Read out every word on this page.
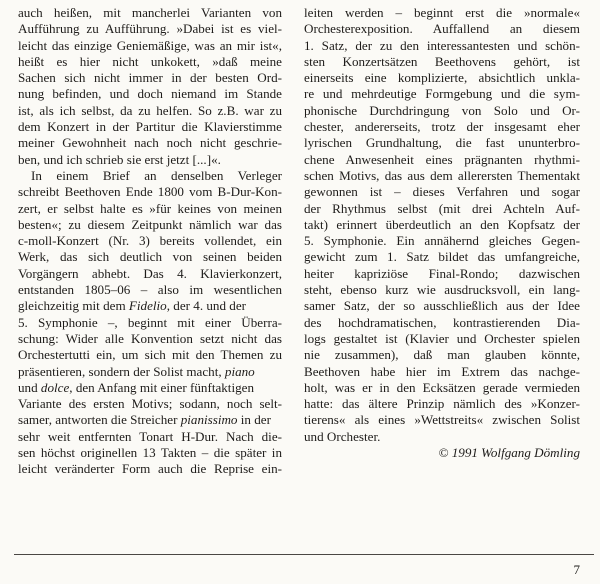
auch heißen, mit mancherlei Varianten von
Aufführung zu Aufführung. »Dabei ist es viel-
leicht das einzige Geniemäßige, was an mir ist«,
heißt es hier nicht unkokett, »daß meine
Sachen sich nicht immer in der besten Ord-
nung befinden, und doch niemand im Stande
ist, als ich selbst, da zu helfen. So z.B. war zu
dem Konzert in der Partitur die Klavierstimme
meiner Gewohnheit nach noch nicht geschrie-
ben, und ich schrieb sie erst jetzt [...]«.
In einem Brief an denselben Verleger
schreibt Beethoven Ende 1800 vom B-Dur-Kon-
zert, er selbst halte es »für keines von meinen
besten«; zu diesem Zeitpunkt nämlich war das
c-moll-Konzert (Nr. 3) bereits vollendet, ein
Werk, das sich deutlich von seinen beiden
Vorgängern abhebt. Das 4. Klavierkonzert,
entstanden 1805–06 – also im wesentlichen
gleichzeitig mit dem Fidelio, der 4. und der
5. Symphonie –, beginnt mit einer Überra-
schung: Wider alle Konvention setzt nicht das
Orchestertutti ein, um sich mit den Themen zu
präsentieren, sondern der Solist macht, piano
und dolce, den Anfang mit einer fünftaktigen
Variante des ersten Motivs; sodann, noch selt-
samer, antworten die Streicher pianissimo in der
sehr weit entfernten Tonart H-Dur. Nach die-
sen höchst originellen 13 Takten – die später in
leicht veränderter Form auch die Reprise ein-
leiten werden – beginnt erst die »normale«
Orchesterexposition. Auffallend an diesem
1. Satz, der zu den interessantesten und schön-
sten Konzertsätzen Beethovens gehört, ist
einerseits eine komplizierte, absichtlich unkla-
re und mehrdeutige Formgebung und die sym-
phonische Durchdringung von Solo und Or-
chester, andererseits, trotz der insgesamt eher
lyrischen Grundhaltung, die fast ununterbro-
chene Anwesenheit eines prägnanten rhythmi-
schen Motivs, das aus dem allerersten Thementakt
gewonnen ist – dieses Verfahren und sogar
der Rhythmus selbst (mit drei Achteln Auf-
takt) erinnert überdeutlich an den Kopfsatz der
5. Symphonie. Ein annähernd gleiches Gegen-
gewicht zum 1. Satz bildet das umfangreiche,
heiter kapriziöse Final-Rondo; dazwischen
steht, ebenso kurz wie ausdrucksvoll, ein lang-
samer Satz, der so ausschließlich aus der Idee
des hochdramatischen, kontrastierenden Dia-
logs gestaltet ist (Klavier und Orchester spielen
nie zusammen), daß man glauben könnte,
Beethoven habe hier im Extrem das nachge-
holt, was er in den Ecksätzen gerade vermieden
hatte: das ältere Prinzip nämlich des »Konzer-
tierens« als eines »Wettstreits« zwischen Solist
und Orchester.
© 1991 Wolfgang Dömling
7
